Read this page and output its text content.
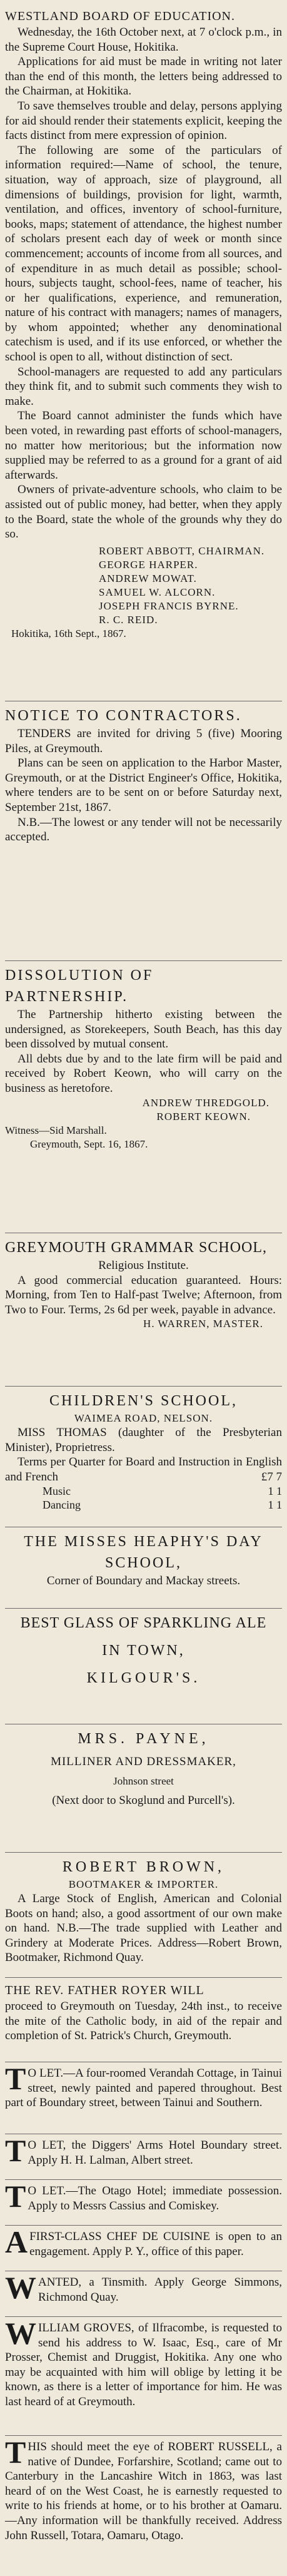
WESTLAND BOARD OF EDUCATION.

Wednesday, the 16th October next, at 7 o'clock p.m., in the Supreme Court House, Hokitika.

Applications for aid must be made in writing not later than the end of this month, the letters being addressed to the Chairman, at Hokitika.

To save themselves trouble and delay, persons applying for aid should render their statements explicit, keeping the facts distinct from mere expression of opinion.

The following are some of the particulars of information required:—Name of school, the tenure, situation, way of approach, size of playground, all dimensions of buildings, provision for light, warmth, ventilation, and offices, inventory of school-furniture, books, maps; statement of attendance, the highest number of scholars present each day of week or month since commencement; accounts of income from all sources, and of expenditure in as much detail as possible; school-hours, subjects taught, school-fees, name of teacher, his or her qualifications, experience, and remuneration, nature of his contract with managers; names of managers, by whom appointed; whether any denominational catechism is used, and if its use enforced, or whether the school is open to all, without distinction of sect.

School-managers are requested to add any particulars they think fit, and to submit such comments they wish to make.

The Board cannot administer the funds which have been voted, in rewarding past efforts of school-managers, no matter how meritorious; but the information now supplied may be referred to as a ground for a grant of aid afterwards.

Owners of private-adventure schools, who claim to be assisted out of public money, had better, when they apply to the Board, state the whole of the grounds why they do so.

ROBERT ABBOTT, CHAIRMAN.

GEORGE HARPER.

ANDREW MOWAT.

SAMUEL W. ALCORN.

JOSEPH FRANCIS BYRNE.

R. C. REID.

Hokitika, 16th Sept., 1867.

NOTICE TO CONTRACTORS.

TENDERS are invited for driving 5 (five) Mooring Piles, at Greymouth.

Plans can be seen on application to the Harbor Master, Greymouth, or at the District Engineer's Office, Hokitika, where tenders are to be sent on or before Saturday next, September 21st, 1867.

N.B.—The lowest or any tender will not be necessarily accepted.

DISSOLUTION OF PARTNERSHIP.

The Partnership hitherto existing between the undersigned, as Storekeepers, South Beach, has this day been dissolved by mutual consent.

All debts due by and to the late firm will be paid and received by Robert Keown, who will carry on the business as heretofore.

ANDREW THREDGOLD.

ROBERT KEOWN.

Witness—Sid Marshall.

Greymouth, Sept. 16, 1867.

GREYMOUTH GRAMMAR SCHOOL,

Religious Institute.

A good commercial education guaranteed. Hours: Morning, from Ten to Half-past Twelve; Afternoon, from Two to Four. Terms, 2s 6d per week, payable in advance.

H. WARREN, MASTER.

CHILDREN'S SCHOOL,

WAIMEA ROAD, NELSON.

MISS THOMAS (daughter of the Presbyterian Minister), Proprietress.

Terms per Quarter for Board and Instruction in English and French	£7 7

Music	1 1
Dancing	1 1
THE MISSES HEAPHY'S DAY SCHOOL,

Corner of Boundary and Mackay streets.

BEST GLASS OF SPARKLING ALE
IN TOWN,
KILGOUR'S.
MRS. PAYNE,

MILLINER AND DRESSMAKER,

Johnson street

(Next door to Skoglund and Purcell's).

ROBERT BROWN,

BOOTMAKER & IMPORTER.

A Large Stock of English, American and Colonial Boots on hand; also, a good assortment of our own make on hand. N.B.—The trade supplied with Leather and Grindery at Moderate Prices. Address—Robert Brown, Bootmaker, Richmond Quay.

THE REV. FATHER ROYER WILL

proceed to Greymouth on Tuesday, 24th inst., to receive the mite of the Catholic body, in aid of the repair and completion of St. Patrick's Church, Greymouth.

TO LET.—A four-roomed Verandah Cottage, in Tainui street, newly painted and papered throughout. Best part of Boundary street, between Tainui and Southern.

TO LET, the Diggers' Arms Hotel Boundary street. Apply H. H. Lalman, Albert street.

TO LET.—The Otago Hotel; immediate possession. Apply to Messrs Cassius and Comiskey.

AFIRST-CLASS CHEF DE CUISINE is open to an engagement. Apply P. Y., office of this paper.

WANTED, a Tinsmith. Apply George Simmons, Richmond Quay.

WILLIAM GROVES, of Ilfracombe, is requested to send his address to W. Isaac, Esq., care of Mr Prosser, Chemist and Druggist, Hokitika. Any one who may be acquainted with him will oblige by letting it be known, as there is a letter of importance for him. He was last heard of at Greymouth.

THIS should meet the eye of ROBERT RUSSELL, a native of Dundee, Forfarshire, Scotland; came out to Canterbury in the Lancashire Witch in 1863, was last heard of on the West Coast, he is earnestly requested to write to his friends at home, or to his brother at Oamaru.—Any information will be thankfully received. Address John Russell, Totara, Oamaru, Otago.
